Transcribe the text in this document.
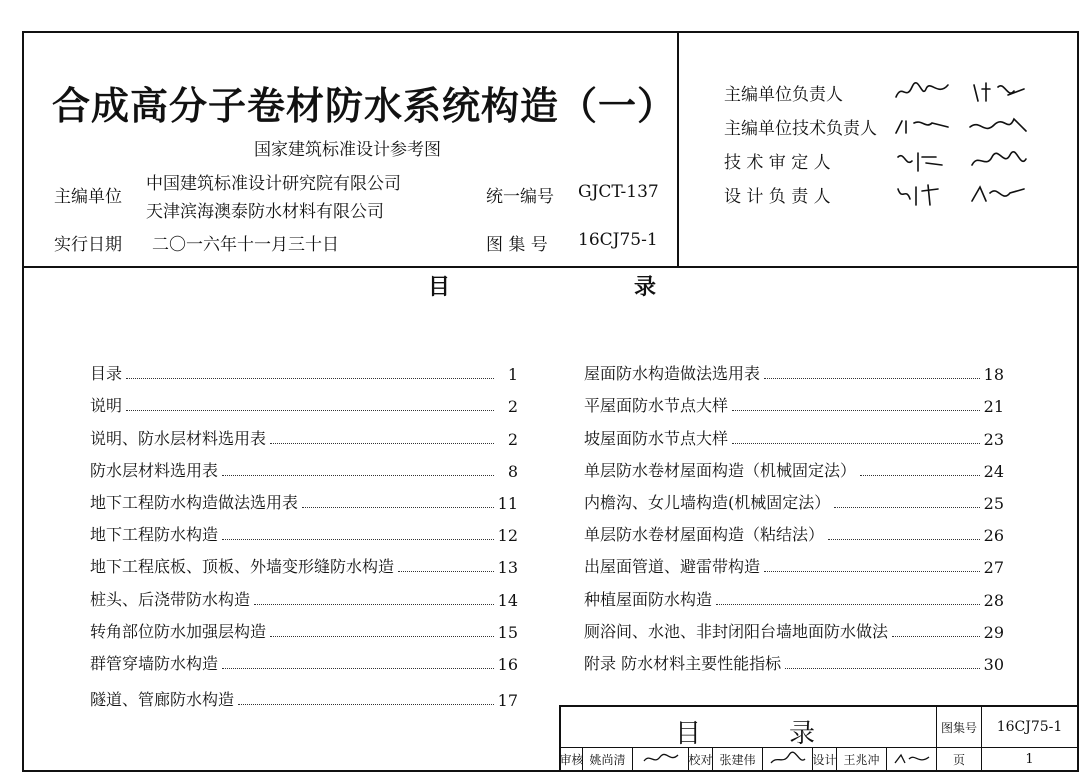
合成高分子卷材防水系统构造（一）
国家建筑标准设计参考图
主编单位
中国建筑标准设计研究院有限公司
天津滨海澳泰防水材料有限公司
统一编号 GJCT-137
实行日期 二〇一六年十一月三十日	图 集 号 16CJ75-1
主编单位负责人
主编单位技术负责人
技 术 审 定 人
设 计 负 责 人
目	录
目录	1
说明	2
说明、防水层材料选用表	2
防水层材料选用表	8
地下工程防水构造做法选用表	11
地下工程防水构造	12
地下工程底板、顶板、外墙变形缝防水构造	13
桩头、后浇带防水构造	14
转角部位防水加强层构造	15
群管穿墙防水构造	16
隧道、管廊防水构造	17
屋面防水构造做法选用表	18
平屋面防水节点大样	21
坡屋面防水节点大样	23
单层防水卷材屋面构造（机械固定法）	24
内檐沟、女儿墙构造(机械固定法）	25
单层防水卷材屋面构造（粘结法）	26
出屋面管道、避雷带构造	27
种植屋面防水构造	28
厕浴间、水池、非封闭阳台墙地面防水做法	29
附录 防水材料主要性能指标	30
目	录	图集号	16CJ75-1
审核 姚尚清	校对 张建伟	设计 王兆冲	页	1
